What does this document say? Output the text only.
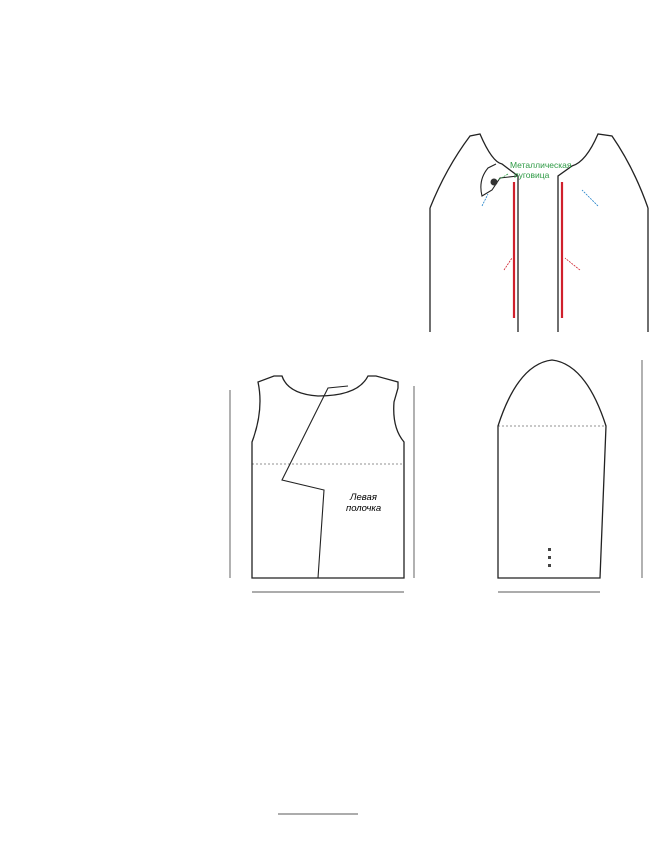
Металлическая пуговица
Левая полочка
